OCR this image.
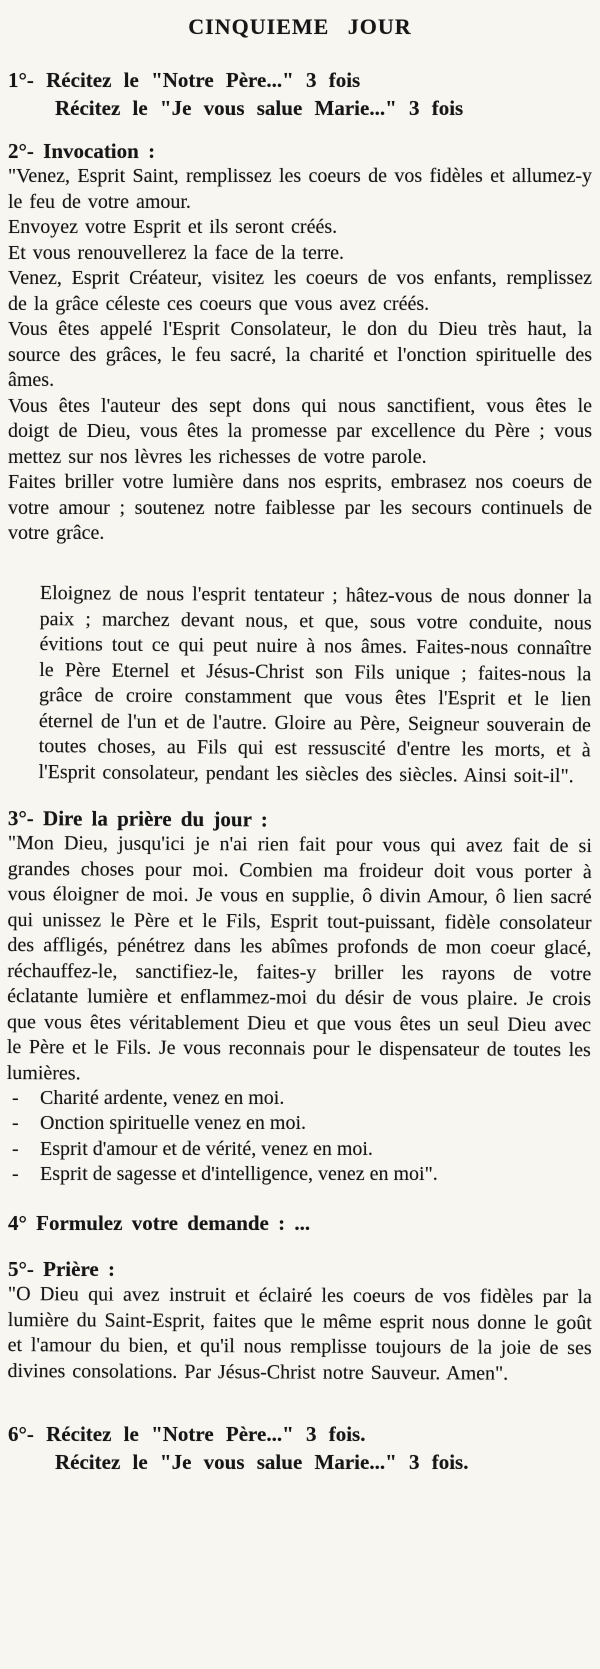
CINQUIEME JOUR

1°- Récitez le "Notre Père..." 3 fois

Récitez le "Je vous salue Marie..." 3 fois

2°- Invocation :

"Venez, Esprit Saint, remplissez les coeurs de vos fidèles et allumez-y le feu de votre amour.

Envoyez votre Esprit et ils seront créés.

Et vous renouvellerez la face de la terre.

Venez, Esprit Créateur, visitez les coeurs de vos enfants, remplissez de la grâce céleste ces coeurs que vous avez créés.

Vous êtes appelé l'Esprit Consolateur, le don du Dieu très haut, la source des grâces, le feu sacré, la charité et l'onction spirituelle des âmes.

Vous êtes l'auteur des sept dons qui nous sanctifient, vous êtes le doigt de Dieu, vous êtes la promesse par excellence du Père ; vous mettez sur nos lèvres les richesses de votre parole.

Faites briller votre lumière dans nos esprits, embrasez nos coeurs de votre amour ; soutenez notre faiblesse par les secours continuels de votre grâce.

Eloignez de nous l'esprit tentateur ; hâtez-vous de nous donner la paix ; marchez devant nous, et que, sous votre conduite, nous évitions tout ce qui peut nuire à nos âmes. Faites-nous connaître le Père Eternel et Jésus-Christ son Fils unique ; faites-nous la grâce de croire constamment que vous êtes l'Esprit et le lien éternel de l'un et de l'autre. Gloire au Père, Seigneur souverain de toutes choses, au Fils qui est ressuscité d'entre les morts, et à l'Esprit consolateur, pendant les siècles des siècles. Ainsi soit-il".
3°- Dire la prière du jour :

"Mon Dieu, jusqu'ici je n'ai rien fait pour vous qui avez fait de si grandes choses pour moi. Combien ma froideur doit vous porter à vous éloigner de moi. Je vous en supplie, ô divin Amour, ô lien sacré qui unissez le Père et le Fils, Esprit tout-puissant, fidèle consolateur des affligés, pénétrez dans les abîmes profonds de mon coeur glacé, réchauffez-le, sanctifiez-le, faites-y briller les rayons de votre éclatante lumière et enflammez-moi du désir de vous plaire. Je crois que vous êtes véritablement Dieu et que vous êtes un seul Dieu avec le Père et le Fils. Je vous reconnais pour le dispensateur de toutes les lumières.

-	Charité ardente, venez en moi.
-	Onction spirituelle venez en moi.
-	Esprit d'amour et de vérité, venez en moi.
-	Esprit de sagesse et d'intelligence, venez en moi".
4° Formulez votre demande : ...
5°- Prière :

"O Dieu qui avez instruit et éclairé les coeurs de vos fidèles par la lumière du Saint-Esprit, faites que le même esprit nous donne le goût et l'amour du bien, et qu'il nous remplisse toujours de la joie de ses divines consolations. Par Jésus-Christ notre Sauveur. Amen".

6°- Récitez le "Notre Père..." 3 fois.

Récitez le "Je vous salue Marie..." 3 fois.
